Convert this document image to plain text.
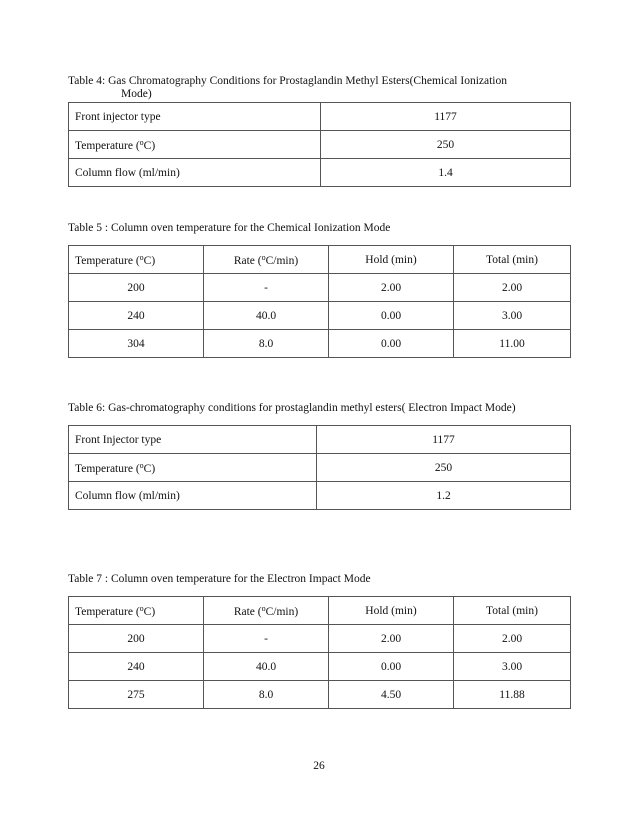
Table 4: Gas Chromatography Conditions for Prostaglandin Methyl Esters(Chemical Ionization
Mode)
Front injector type	1177
Temperature ($^o$C)	250
Column flow (ml/min)	1.4
Table 5 : Column oven temperature for the Chemical Ionization Mode
Temperature ($^o$C)	Rate ($^o$C/min)	Hold (min)	Total (min)
200	-	2.00	2.00
240	40.0	0.00	3.00
304	8.0	0.00	11.00
Table 6: Gas-chromatography conditions for prostaglandin methyl esters( Electron Impact Mode)
Front Injector type	1177
Temperature ($^o$C)	250
Column flow (ml/min)	1.2
Table 7 : Column oven temperature for the Electron Impact Mode
Temperature ($^o$C)	Rate ($^o$C/min)	Hold (min)	Total (min)
200	-	2.00	2.00
240	40.0	0.00	3.00
275	8.0	4.50	11.88
26
